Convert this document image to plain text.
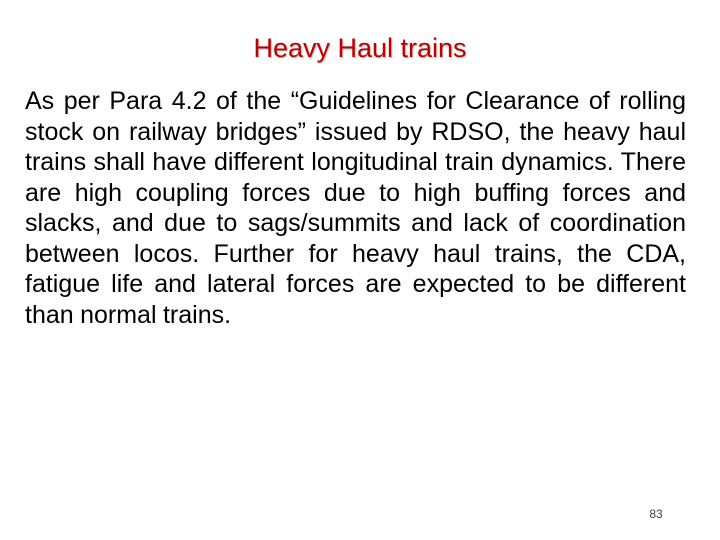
Heavy Haul trains

As per Para 4.2 of the “Guidelines for Clearance of rolling stock on railway bridges” issued by RDSO, the heavy haul trains shall have different longitudinal train dynamics. There are high coupling forces due to high buffing forces and slacks, and due to sags/summits and lack of coordination between locos. Further for heavy haul trains, the CDA, fatigue life and lateral forces are expected to be different than normal trains.

83
